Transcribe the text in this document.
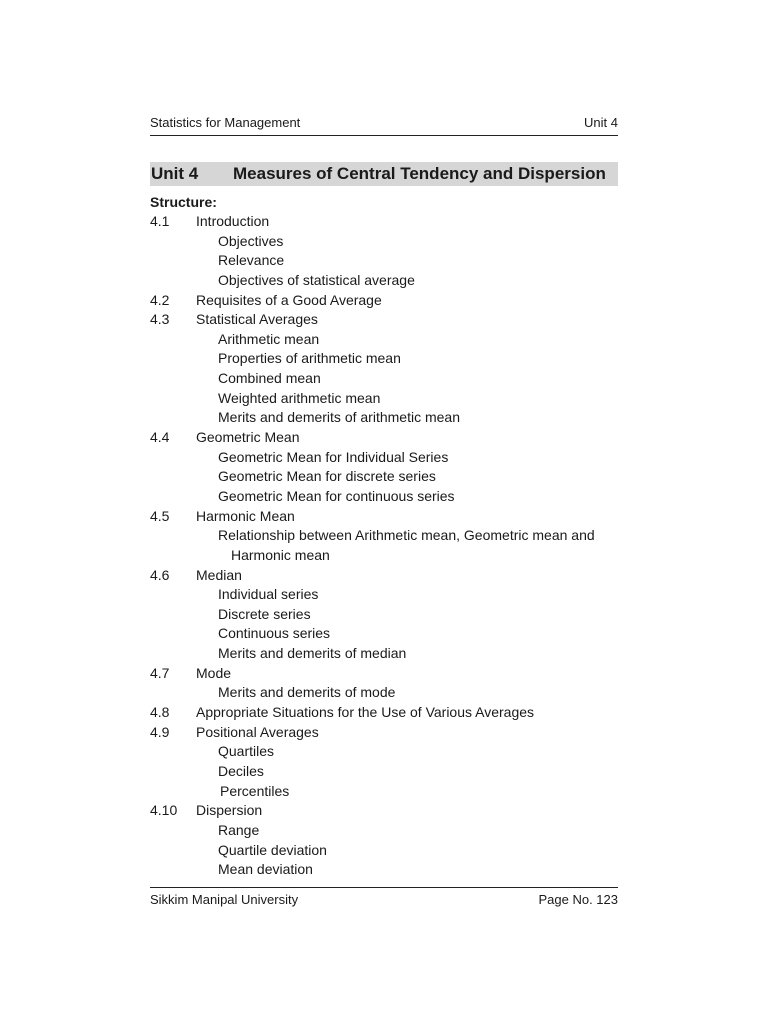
Statistics for Management	Unit 4
Unit 4	Measures of Central Tendency and Dispersion
Structure:
4.1 Introduction
Objectives
Relevance
Objectives of statistical average
4.2 Requisites of a Good Average
4.3 Statistical Averages
Arithmetic mean
Properties of arithmetic mean
Combined mean
Weighted arithmetic mean
Merits and demerits of arithmetic mean
4.4 Geometric Mean
Geometric Mean for Individual Series
Geometric Mean for discrete series
Geometric Mean for continuous series
4.5 Harmonic Mean
Relationship between Arithmetic mean, Geometric mean and
Harmonic mean
4.6 Median
Individual series
Discrete series
Continuous series
Merits and demerits of median
4.7 Mode
Merits and demerits of mode
4.8 Appropriate Situations for the Use of Various Averages
4.9 Positional Averages
Quartiles
Deciles
Percentiles
4.10 Dispersion
Range
Quartile deviation
Mean deviation
Sikkim Manipal University	Page No. 123
